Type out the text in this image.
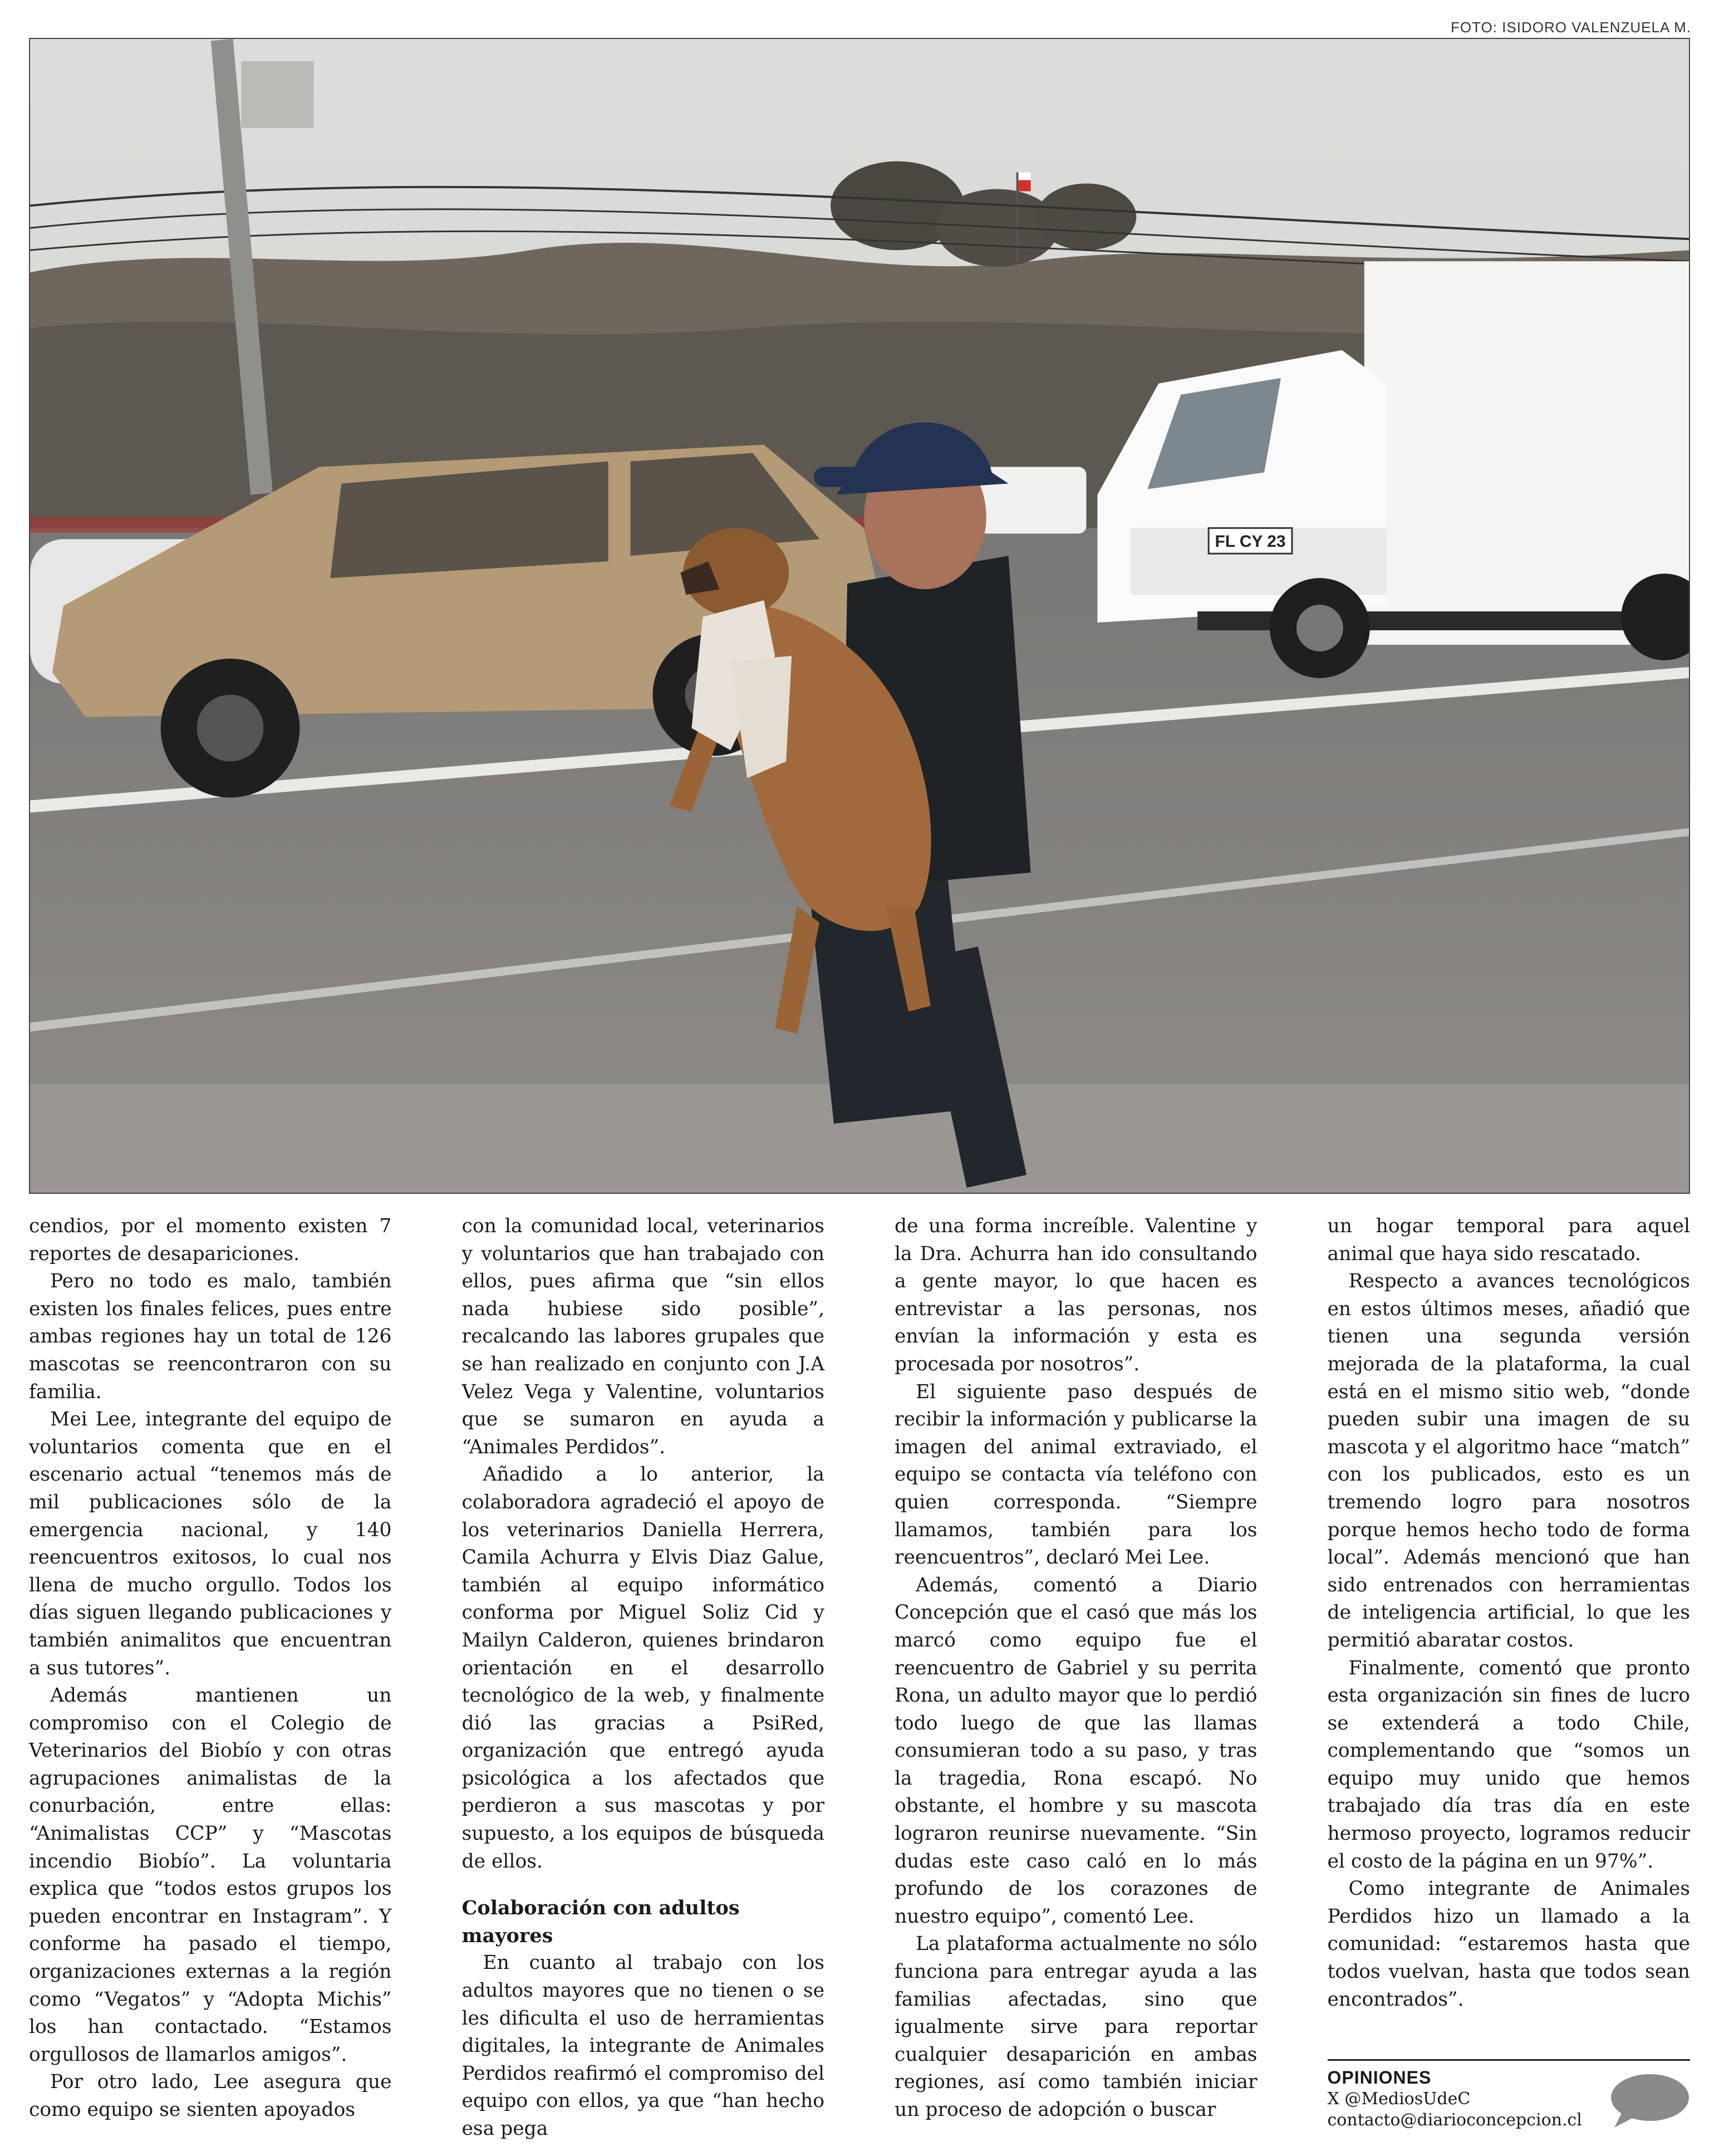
FOTO: ISIDORO VALENZUELA M.
FL CY 23

cendios, por el momento existen 7 reportes de desapariciones.

Pero no todo es malo, también existen los finales felices, pues entre ambas regiones hay un total de 126 mascotas se reencontraron con su familia.

Mei Lee, integrante del equipo de voluntarios comenta que en el escenario actual “tenemos más de mil publicaciones sólo de la emergencia nacional, y 140 reencuentros exitosos, lo cual nos llena de mucho orgullo. Todos los días siguen llegando publicaciones y también animalitos que encuentran a sus tutores”.

Además mantienen un compromiso con el Colegio de Veterinarios del Biobío y con otras agrupaciones animalistas de la conurbación, entre ellas: “Animalistas CCP” y “Mascotas incendio Biobío”. La voluntaria explica que “todos estos grupos los pueden encontrar en Instagram”. Y conforme ha pasado el tiempo, organizaciones externas a la región como “Vegatos” y “Adopta Michis” los han contactado. “Estamos orgullosos de llamarlos amigos”.

Por otro lado, Lee asegura que como equipo se sienten apoyados

con la comunidad local, veterinarios y voluntarios que han trabajado con ellos, pues afirma que “sin ellos nada hubiese sido posible”, recalcando las labores grupales que se han realizado en conjunto con J.A Velez Vega y Valentine, voluntarios que se sumaron en ayuda a “Animales Perdidos”.

Añadido a lo anterior, la colaboradora agradeció el apoyo de los veterinarios Daniella Herrera, Camila Achurra y Elvis Diaz Galue, también al equipo informático conforma por Miguel Soliz Cid y Mailyn Calderon, quienes brindaron orientación en el desarrollo tecnológico de la web, y finalmente dió las gracias a PsiRed, organización que entregó ayuda psicológica a los afectados que perdieron a sus mascotas y por supuesto, a los equipos de búsqueda de ellos.

Colaboración con adultos mayores

En cuanto al trabajo con los adultos mayores que no tienen o se les dificulta el uso de herramientas digitales, la integrante de Animales Perdidos reafirmó el compromiso del equipo con ellos, ya que “han hecho esa pega

de una forma increíble. Valentine y la Dra. Achurra han ido consultando a gente mayor, lo que hacen es entrevistar a las personas, nos envían la información y esta es procesada por nosotros”.

El siguiente paso después de recibir la información y publicarse la imagen del animal extraviado, el equipo se contacta vía teléfono con quien corresponda. “Siempre llamamos, también para los reencuentros”, declaró Mei Lee.

Además, comentó a Diario Concepción que el casó que más los marcó como equipo fue el reencuentro de Gabriel y su perrita Rona, un adulto mayor que lo perdió todo luego de que las llamas consumieran todo a su paso, y tras la tragedia, Rona escapó. No obstante, el hombre y su mascota lograron reunirse nuevamente. “Sin dudas este caso caló en lo más profundo de los corazones de nuestro equipo”, comentó Lee.

La plataforma actualmente no sólo funciona para entregar ayuda a las familias afectadas, sino que igualmente sirve para reportar cualquier desaparición en ambas regiones, así como también iniciar un proceso de adopción o buscar

un hogar temporal para aquel animal que haya sido rescatado.

Respecto a avances tecnológicos en estos últimos meses, añadió que tienen una segunda versión mejorada de la plataforma, la cual está en el mismo sitio web, “donde pueden subir una imagen de su mascota y el algoritmo hace “match” con los publicados, esto es un tremendo logro para nosotros porque hemos hecho todo de forma local”. Además mencionó que han sido entrenados con herramientas de inteligencia artificial, lo que les permitió abaratar costos.

Finalmente, comentó que pronto esta organización sin fines de lucro se extenderá a todo Chile, complementando que “somos un equipo muy unido que hemos trabajado día tras día en este hermoso proyecto, logramos reducir el costo de la página en un 97%”.

Como integrante de Animales Perdidos hizo un llamado a la comunidad: “estaremos hasta que todos vuelvan, hasta que todos sean encontrados”.

OPINIONES
X @MediosUdeC
contacto@diarioconcepcion.cl
